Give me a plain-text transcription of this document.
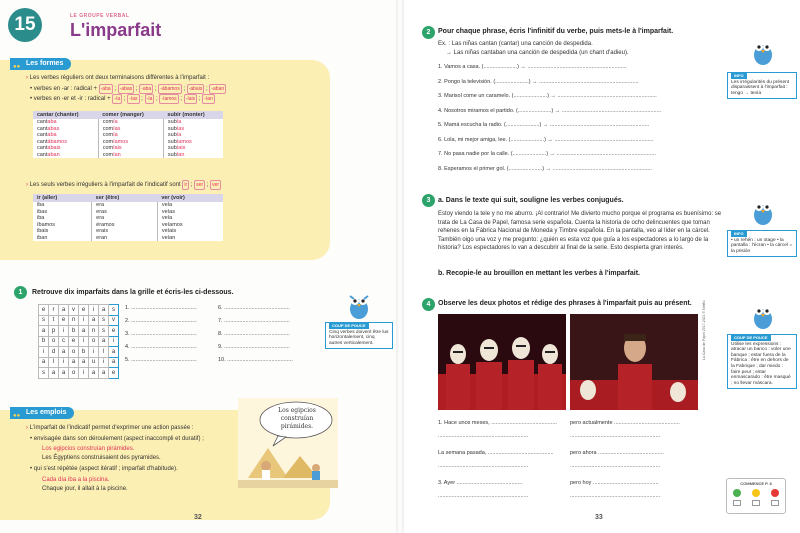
15	LE GROUPE VERBAL
L'imparfait
●● Les formes
› Les verbes réguliers ont deux terminaisons différentes à l'imparfait :
• verbes en -ar : radical + -aba ; -abas ; -aba ; -ábamos ; -abais ; -aban
• verbes en -er et -ir : radical + -ía ; -ías ; -ía ; -íamos ; -íais ; -ían
cantar (chanter)	comer (manger)	subir (monter)
cantaba	comía	subía
cantabas	comías	subías
cantaba	comía	subía
cantábamos	comíamos	subíamos
cantabais	comíais	subíais
cantaban	comían	subían
› Les seuls verbes irréguliers à l'imparfait de l'indicatif sont ir ; ser ; ver
ir (aller)	ser (être)	ver (voir)
iba	era	veía
ibas	eras	veías
iba	era	veía
íbamos	éramos	veíamos
ibais	erais	veíais
iban	eran	veían
1	Retrouve dix imparfaits dans la grille et écris-les ci-dessous.
e	r	a	v	e	i	a	s
s	t	e	n	i	a	s	v
a	p	i	b	a	n	s	e
b	o	c	e	i	o	a	i
i	d	a	o	b	i	l	a
a	l	i	a	a	u	i	a
s	a	a	o	i	a	a	e
1. ...........................................
2. ...........................................
3. ...........................................
4. ...........................................
5. ...........................................
6. ...........................................
7. ...........................................
8. ...........................................
9. ...........................................
10. ...........................................
COUP DE POUCE
Cinq verbes doivent être lus horizontalement, cinq autres verticalement.
●● Les emplois
› L'imparfait de l'indicatif permet d'exprimer une action passée :
• envisagée dans son déroulement (aspect inaccompli et duratif) ;
Los egipcios construían pirámides.
Les Égyptiens construisaient des pyramides.
• qui s'est répétée (aspect itératif ; imparfait d'habitude).
Cada día iba a la piscina.
Chaque jour, il allait à la piscine.
Los egipcios construían pirámides.
32
2	Pour chaque phrase, écris l'infinitif du verbe, puis mets-le à l'imparfait.
Ex. : Las niñas cantan (cantar) una canción de despedida.
→ Las niñas cantaban una canción de despedida (un chant d'adieu).
1. Vamos a casa. (......................) → .................................................................
2. Pongo la televisión. (......................) → .................................................................
3. Marisol come un caramelo. (......................) → .................................................................
4. Nosotros miramos el partido. (......................) → .................................................................
5. Mamá escucha la radio. (......................) → .................................................................
6. Lola, mi mejor amiga, lee. (......................) → .................................................................
7. No pasa nadie por la calle. (......................) → .................................................................
8. Esperamos el primer gol. (......................) → .................................................................
INFO
Les irrégularités du présent disparaissent à l'imparfait : tengo → tenía
3	a. Dans le texte qui suit, souligne les verbes conjugués.
Estoy viendo la tele y no me aburro. ¡Al contrario! Me divierto mucho porque el programa es buenísimo: se trata de La Casa de Papel, famosa serie española. Cuenta la historia de ocho delincuentes que toman rehenes en la Fábrica Nacional de Moneda y Timbre española. En la pantalla, veo al líder en la cárcel. También oigo una voz y me pregunto: ¿quién es esta voz que guía a los espectadores a lo largo de la historia? Los espectadores lo van a descubrir al final de la serie. Esto despierta gran interés.
b. Recopie-le au brouillon en mettant les verbes à l'imparfait.
INFO
• un rehén : un otage • la pantalla : l'écran • la cárcel = la prisión
4	Observe les deux photos et rédige des phrases à l'imparfait puis au présent.	La Casa de Papel 2017-2021 © Netflix
1. Hace unos meses, ...........................................
...........................................................
pero actualmente ...........................................
...........................................................
La semana pasada, ...........................................
...........................................................
pero ahora ...........................................
...........................................................
3. Ayer ...........................................
...........................................................
pero hoy ...........................................
...........................................................
COUP DE POUCE
Utilise les expressions : atracar un banco : voler une banque ; estar fuera de la Fábrica : être en dehors de la Fabrique ; dar miedo : faire peur ; estar enmascarado : être masqué ; no llevar máscara.
COMMENCE P. 8
33
